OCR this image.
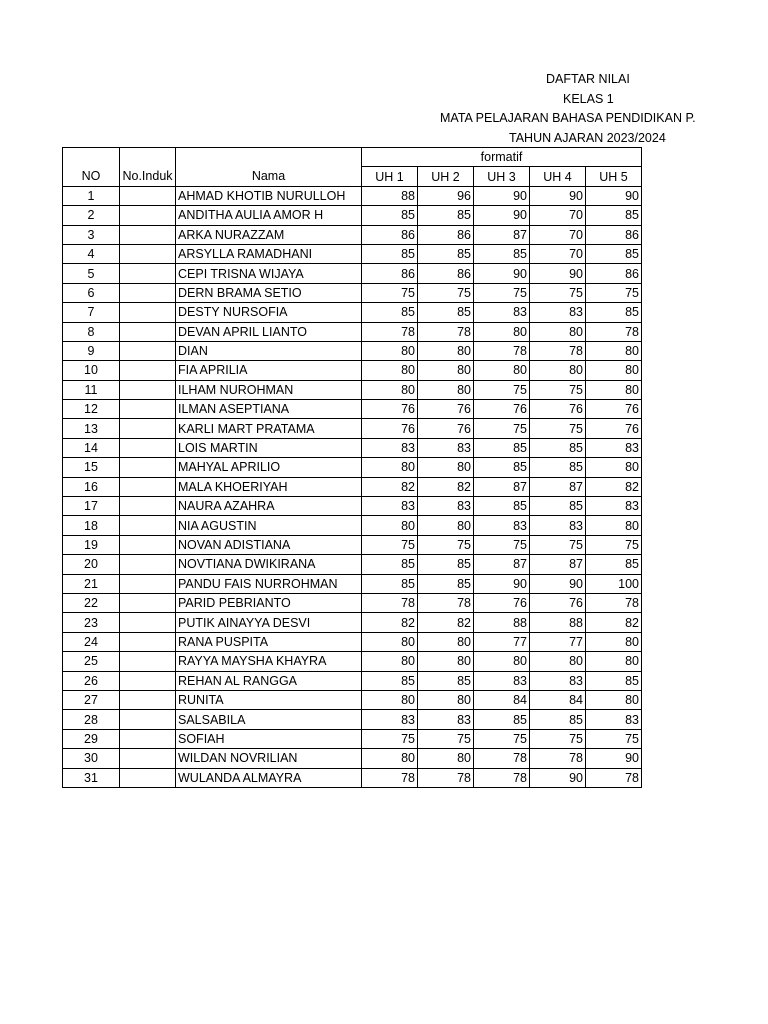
DAFTAR NILAI
KELAS 1
MATA PELAJARAN BAHASA PENDIDIKAN P.
TAHUN AJARAN 2023/2024
			formatif				
NO	No.Induk	Nama	UH 1	UH 2	UH 3	UH 4	UH 5
1		AHMAD KHOTIB NURULLOH	88	96	90	90	90
2		ANDITHA AULIA AMOR H	85	85	90	70	85
3		ARKA NURAZZAM	86	86	87	70	86
4		ARSYLLA RAMADHANI	85	85	85	70	85
5		CEPI TRISNA WIJAYA	86	86	90	90	86
6		DERN BRAMA SETIO	75	75	75	75	75
7		DESTY NURSOFIA	85	85	83	83	85
8		DEVAN APRIL LIANTO	78	78	80	80	78
9		DIAN	80	80	78	78	80
10		FIA APRILIA	80	80	80	80	80
11		ILHAM NUROHMAN	80	80	75	75	80
12		ILMAN ASEPTIANA	76	76	76	76	76
13		KARLI MART PRATAMA	76	76	75	75	76
14		LOIS MARTIN	83	83	85	85	83
15		MAHYAL APRILIO	80	80	85	85	80
16		MALA KHOERIYAH	82	82	87	87	82
17		NAURA AZAHRA	83	83	85	85	83
18		NIA AGUSTIN	80	80	83	83	80
19		NOVAN ADISTIANA	75	75	75	75	75
20		NOVTIANA DWIKIRANA	85	85	87	87	85
21		PANDU FAIS NURROHMAN	85	85	90	90	100
22		PARID PEBRIANTO	78	78	76	76	78
23		PUTIK AINAYYA DESVI	82	82	88	88	82
24		RANA PUSPITA	80	80	77	77	80
25		RAYYA MAYSHA KHAYRA	80	80	80	80	80
26		REHAN AL RANGGA	85	85	83	83	85
27		RUNITA	80	80	84	84	80
28		SALSABILA	83	83	85	85	83
29		SOFIAH	75	75	75	75	75
30		WILDAN NOVRILIAN	80	80	78	78	90
31		WULANDA ALMAYRA	78	78	78	90	78
